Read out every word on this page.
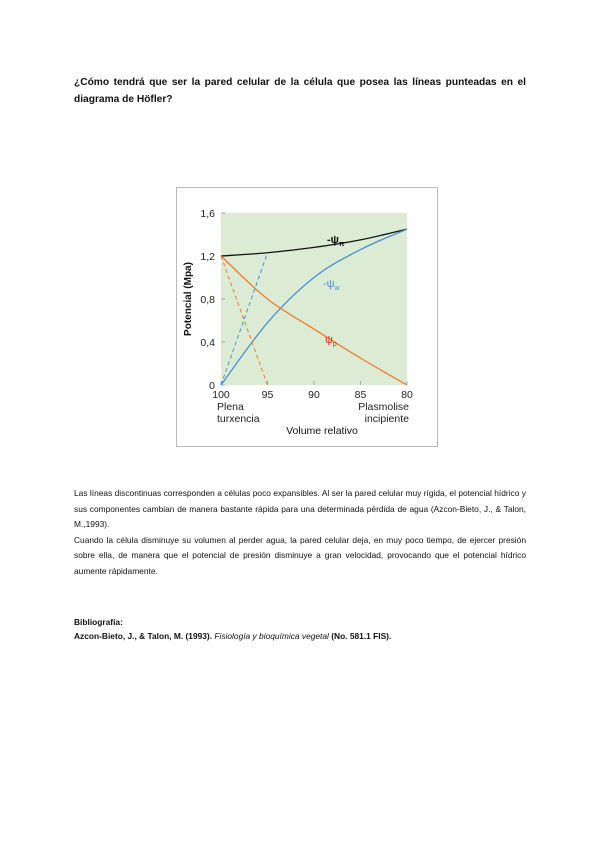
¿Cómo tendrá que ser la pared celular de la célula que posea las líneas punteadas en el diagrama de Höfler?
0
0,4
0,8
1,2
1,6
100	95	90	85	80
Plena
turxencia
Plasmolise
incipiente
Volume relativo
Potencial (Mpa)
$-\psi_\pi$
$-\psi_w$
$\psi_p$

Las líneas discontinuas corresponden a células poco expansibles. Al ser la pared celular muy rígida, el potencial hídrico y sus componentes cambian de manera bastante rápida para una determinada pérdida de agua (Azcon-Bieto, J., & Talon, M.,1993).

Cuando la célula disminuye su volumen al perder agua, la pared celular deja, en muy poco tiempo, de ejercer presión sobre ella, de manera que el potencial de presión disminuye a gran velocidad, provocando que el potencial hídrico aumente rápidamente.

Bibliografía:
Azcon-Bieto, J., & Talon, M. (1993). Fisiología y bioquímica vegetal (No. 581.1 FIS).
